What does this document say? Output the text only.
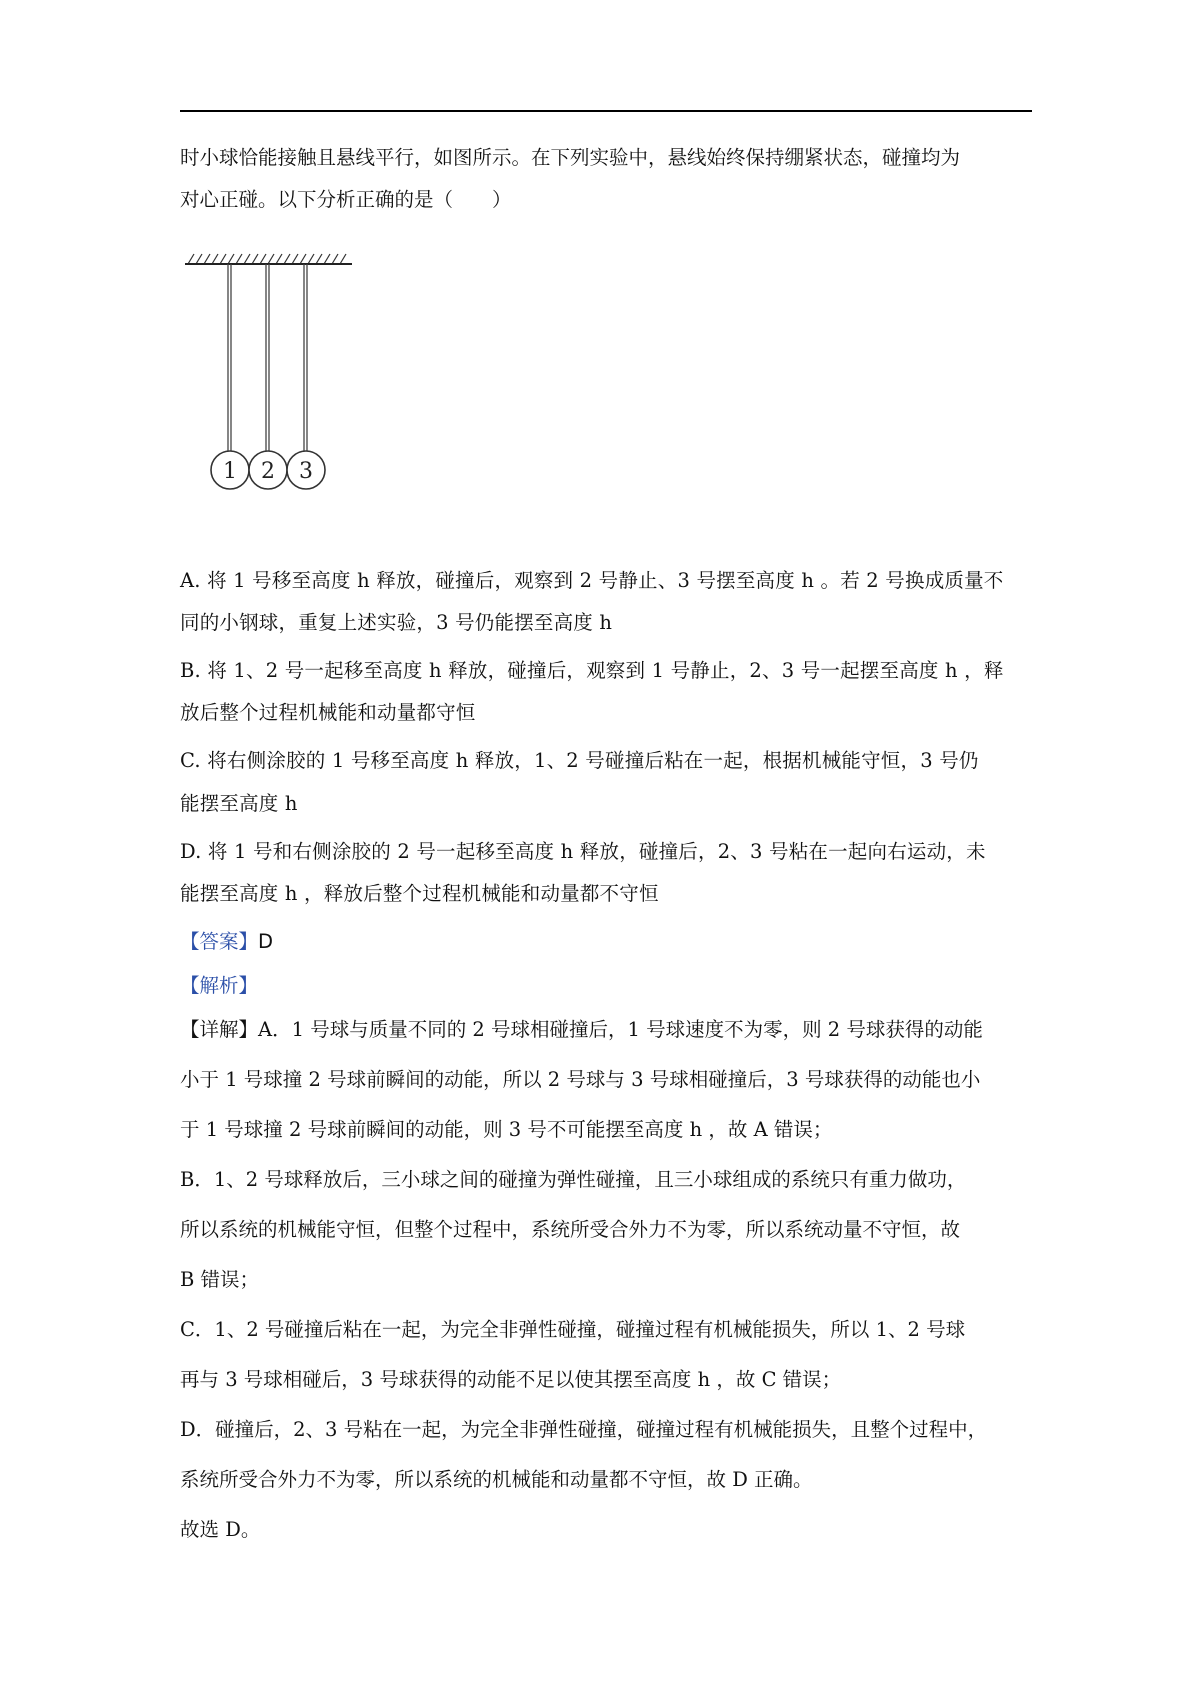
时小球恰能接触且悬线平行，如图所示。在下列实验中，悬线始终保持绷紧状态，碰撞均为
对心正碰。以下分析正确的是（　　）
1 2 3
A. 将 1 号移至高度 h 释放，碰撞后，观察到 2 号静止、3 号摆至高度 h 。若 2 号换成质量不
同的小钢球，重复上述实验，3 号仍能摆至高度 h
B. 将 1、2 号一起移至高度 h 释放，碰撞后，观察到 1 号静止，2、3 号一起摆至高度 h ，释
放后整个过程机械能和动量都守恒
C. 将右侧涂胶的 1 号移至高度 h 释放，1、2 号碰撞后粘在一起，根据机械能守恒，3 号仍
能摆至高度 h
D. 将 1 号和右侧涂胶的 2 号一起移至高度 h 释放，碰撞后，2、3 号粘在一起向右运动，未
能摆至高度 h ，释放后整个过程机械能和动量都不守恒
【答案】D
【解析】
【详解】A．1 号球与质量不同的 2 号球相碰撞后，1 号球速度不为零，则 2 号球获得的动能
小于 1 号球撞 2 号球前瞬间的动能，所以 2 号球与 3 号球相碰撞后，3 号球获得的动能也小
于 1 号球撞 2 号球前瞬间的动能，则 3 号不可能摆至高度 h ，故 A 错误；
B．1、2 号球释放后，三小球之间的碰撞为弹性碰撞，且三小球组成的系统只有重力做功，
所以系统的机械能守恒，但整个过程中，系统所受合外力不为零，所以系统动量不守恒，故
B 错误；
C．1、2 号碰撞后粘在一起，为完全非弹性碰撞，碰撞过程有机械能损失，所以 1、2 号球
再与 3 号球相碰后，3 号球获得的动能不足以使其摆至高度 h ，故 C 错误；
D．碰撞后，2、3 号粘在一起，为完全非弹性碰撞，碰撞过程有机械能损失，且整个过程中，
系统所受合外力不为零，所以系统的机械能和动量都不守恒，故 D 正确。
故选 D。
